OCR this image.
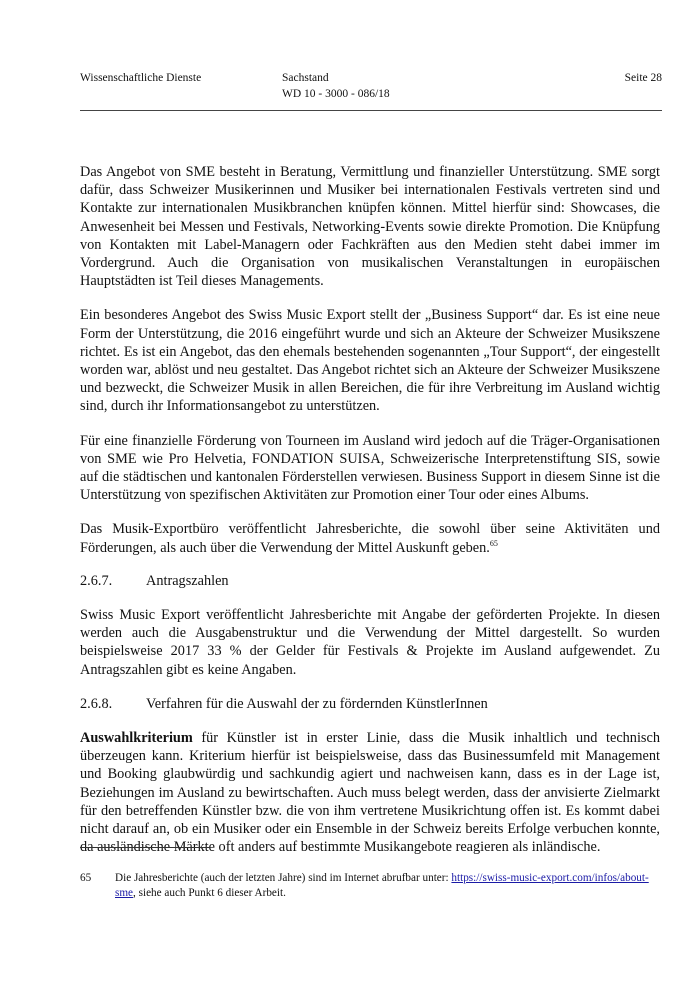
Wissenschaftliche Dienste	Sachstand
WD 10 - 3000 - 086/18
Seite 28

Das Angebot von SME besteht in Beratung, Vermittlung und finanzieller Unterstützung. SME sorgt dafür, dass Schweizer Musikerinnen und Musiker bei internationalen Festivals vertreten sind und Kontakte zur internationalen Musikbranchen knüpfen können. Mittel hierfür sind: Showcases, die Anwesenheit bei Messen und Festivals, Networking-Events sowie direkte Promotion. Die Knüpfung von Kontakten mit Label-Managern oder Fachkräften aus den Medien steht dabei immer im Vordergrund. Auch die Organisation von musikalischen Veranstaltungen in europäischen Hauptstädten ist Teil dieses Managements.

Ein besonderes Angebot des Swiss Music Export stellt der „Business Support“ dar. Es ist eine neue Form der Unterstützung, die 2016 eingeführt wurde und sich an Akteure der Schweizer Musikszene richtet. Es ist ein Angebot, das den ehemals bestehenden sogenannten „Tour Support“, der eingestellt worden war, ablöst und neu gestaltet. Das Angebot richtet sich an Akteure der Schweizer Musikszene und bezweckt, die Schweizer Musik in allen Bereichen, die für ihre Verbreitung im Ausland wichtig sind, durch ihr Informationsangebot zu unterstützen.

Für eine finanzielle Förderung von Tourneen im Ausland wird jedoch auf die Träger-Organisationen von SME wie Pro Helvetia, FONDATION SUISA, Schweizerische Interpretenstiftung SIS, sowie auf die städtischen und kantonalen Förderstellen verwiesen. Business Support in diesem Sinne ist die Unterstützung von spezifischen Aktivitäten zur Promotion einer Tour oder eines Albums.

Das Musik-Exportbüro veröffentlicht Jahresberichte, die sowohl über seine Aktivitäten und Förderungen, als auch über die Verwendung der Mittel Auskunft geben.$^{65}$

2.6.7.	Antragszahlen

Swiss Music Export veröffentlicht Jahresberichte mit Angabe der geförderten Projekte. In diesen werden auch die Ausgabenstruktur und die Verwendung der Mittel dargestellt. So wurden beispielsweise 2017 33 % der Gelder für Festivals & Projekte im Ausland aufgewendet. Zu Antragszahlen gibt es keine Angaben.

2.6.8.	Verfahren für die Auswahl der zu fördernden KünstlerInnen

Auswahlkriterium für Künstler ist in erster Linie, dass die Musik inhaltlich und technisch überzeugen kann. Kriterium hierfür ist beispielsweise, dass das Businessumfeld mit Management und Booking glaubwürdig und sachkundig agiert und nachweisen kann, dass es in der Lage ist, Beziehungen im Ausland zu bewirtschaften. Auch muss belegt werden, dass der anvisierte Zielmarkt für den betreffenden Künstler bzw. die von ihm vertretene Musikrichtung offen ist. Es kommt dabei nicht darauf an, ob ein Musiker oder ein Ensemble in der Schweiz bereits Erfolge verbuchen konnte, da ausländische Märkte oft anders auf bestimmte Musikangebote reagieren als inländische.

65	Die Jahresberichte (auch der letzten Jahre) sind im Internet abrufbar unter: https://swiss-music-export.com/infos/about-sme, siehe auch Punkt 6 dieser Arbeit.
